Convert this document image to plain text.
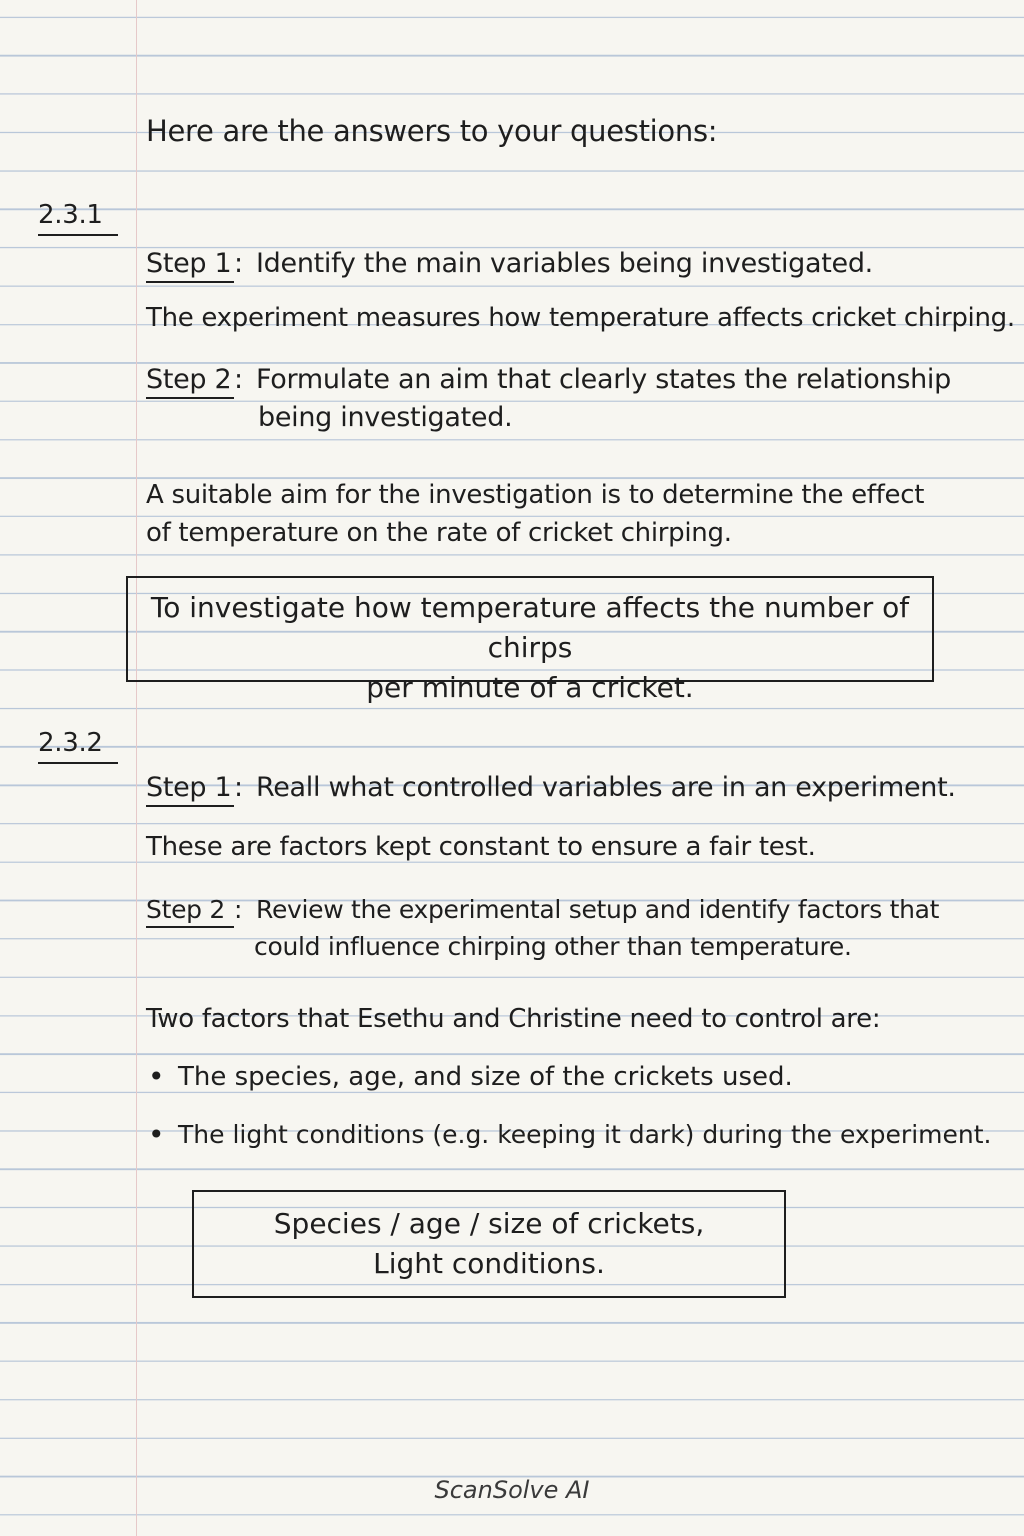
Here are the answers to your questions:
2.3.1
Step 1: Identify the main variables being investigated.
The experiment measures how temperature affects cricket chirping.
Step 2: Formulate an aim that clearly states the relationship
being investigated.
A suitable aim for the investigation is to determine the effect
of temperature on the rate of cricket chirping.
To investigate how temperature affects the number of chirps
per minute of a cricket.
2.3.2
Step 1: Reall what controlled variables are in an experiment.
These are factors kept constant to ensure a fair test.
Step 2 : Review the experimental setup and identify factors that
could influence chirping other than temperature.
Two factors that Esethu and Christine need to control are:
• The species, age, and size of the crickets used.
• The light conditions (e.g. keeping it dark) during the experiment.
Species / age / size of crickets,
Light conditions.
ScanSolve AI
